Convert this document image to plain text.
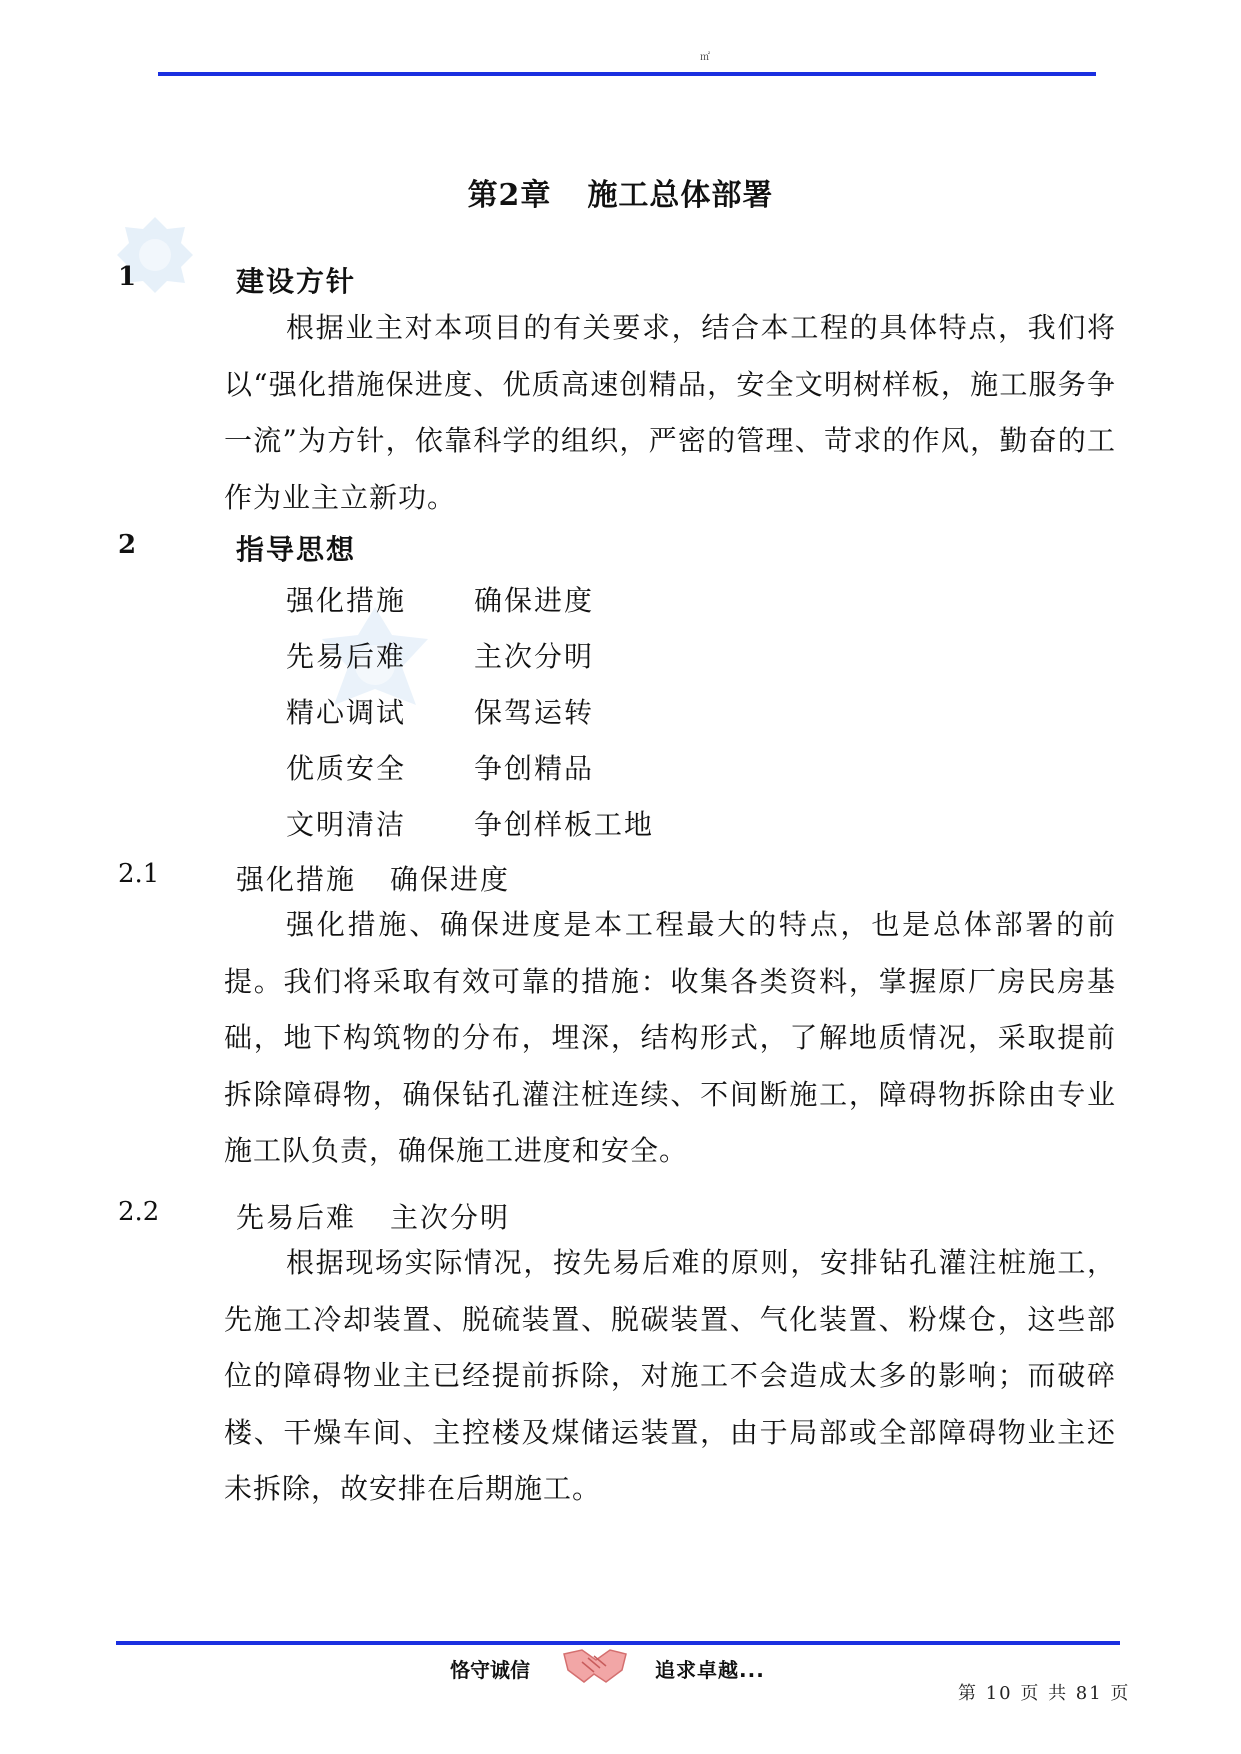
㎡
第2章 施工总体部署
1	建设方针

根据业主对本项目的有关要求，结合本工程的具体特点，我们将以“强化措施保进度、优质高速创精品，安全文明树样板，施工服务争一流”为方针，依靠科学的组织，严密的管理、苛求的作风，勤奋的工作为业主立新功。

2	指导思想
强化措施 确保进度
先易后难 主次分明
精心调试 保驾运转
优质安全 争创精品
文明清洁 争创样板工地
2.1	强化措施 确保进度

强化措施、确保进度是本工程最大的特点，也是总体部署的前提。我们将采取有效可靠的措施：收集各类资料，掌握原厂房民房基础，地下构筑物的分布，埋深，结构形式，了解地质情况，采取提前拆除障碍物，确保钻孔灌注桩连续、不间断施工，障碍物拆除由专业施工队负责，确保施工进度和安全。

2.2	先易后难 主次分明

根据现场实际情况，按先易后难的原则，安排钻孔灌注桩施工，先施工冷却装置、脱硫装置、脱碳装置、气化装置、粉煤仓，这些部位的障碍物业主已经提前拆除，对施工不会造成太多的影响；而破碎楼、干燥车间、主控楼及煤储运装置，由于局部或全部障碍物业主还未拆除，故安排在后期施工。

恪守诚信	追求卓越...
第 10 页 共 81 页
